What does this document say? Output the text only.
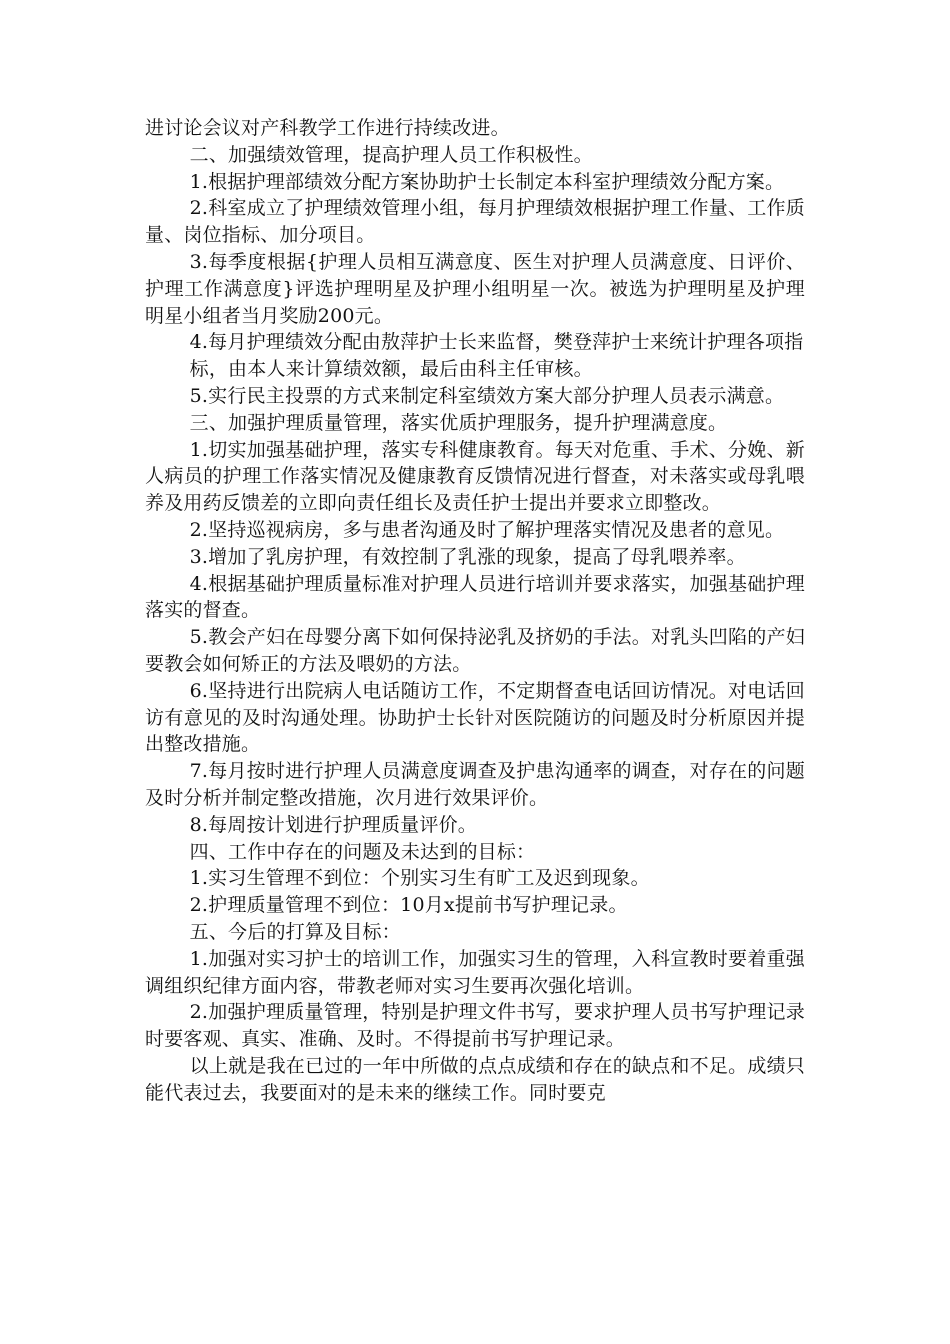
进讨论会议对产科教学工作进行持续改进。

二、加强绩效管理，提高护理人员工作积极性。

1.根据护理部绩效分配方案协助护士长制定本科室护理绩效分配方案。

2.科室成立了护理绩效管理小组，每月护理绩效根据护理工作量、工作质量、岗位指标、加分项目。

3.每季度根据{护理人员相互满意度、医生对护理人员满意度、日评价、护理工作满意度}评选护理明星及护理小组明星一次。被选为护理明星及护理明星小组者当月奖励200元。

4.每月护理绩效分配由敖萍护士长来监督，樊登萍护士来统计护理各项指

标，由本人来计算绩效额，最后由科主任审核。

5.实行民主投票的方式来制定科室绩效方案大部分护理人员表示满意。

三、加强护理质量管理，落实优质护理服务，提升护理满意度。

1.切实加强基础护理，落实专科健康教育。每天对危重、手术、分娩、新人病员的护理工作落实情况及健康教育反馈情况进行督查，对未落实或母乳喂养及用药反馈差的立即向责任组长及责任护士提出并要求立即整改。

2.坚持巡视病房，多与患者沟通及时了解护理落实情况及患者的意见。

3.增加了乳房护理，有效控制了乳涨的现象，提高了母乳喂养率。

4.根据基础护理质量标准对护理人员进行培训并要求落实，加强基础护理落实的督查。

5.教会产妇在母婴分离下如何保持泌乳及挤奶的手法。对乳头凹陷的产妇要教会如何矫正的方法及喂奶的方法。

6.坚持进行出院病人电话随访工作，不定期督查电话回访情况。对电话回访有意见的及时沟通处理。协助护士长针对医院随访的问题及时分析原因并提出整改措施。

7.每月按时进行护理人员满意度调查及护患沟通率的调查，对存在的问题及时分析并制定整改措施，次月进行效果评价。

8.每周按计划进行护理质量评价。

四、工作中存在的问题及未达到的目标：

1.实习生管理不到位：个别实习生有旷工及迟到现象。

2.护理质量管理不到位：10月x提前书写护理记录。

五、今后的打算及目标：

1.加强对实习护士的培训工作，加强实习生的管理，入科宣教时要着重强调组织纪律方面内容，带教老师对实习生要再次强化培训。

2.加强护理质量管理，特别是护理文件书写，要求护理人员书写护理记录时要客观、真实、准确、及时。不得提前书写护理记录。

以上就是我在已过的一年中所做的点点成绩和存在的缺点和不足。成绩只能代表过去，我要面对的是未来的继续工作。同时要克
